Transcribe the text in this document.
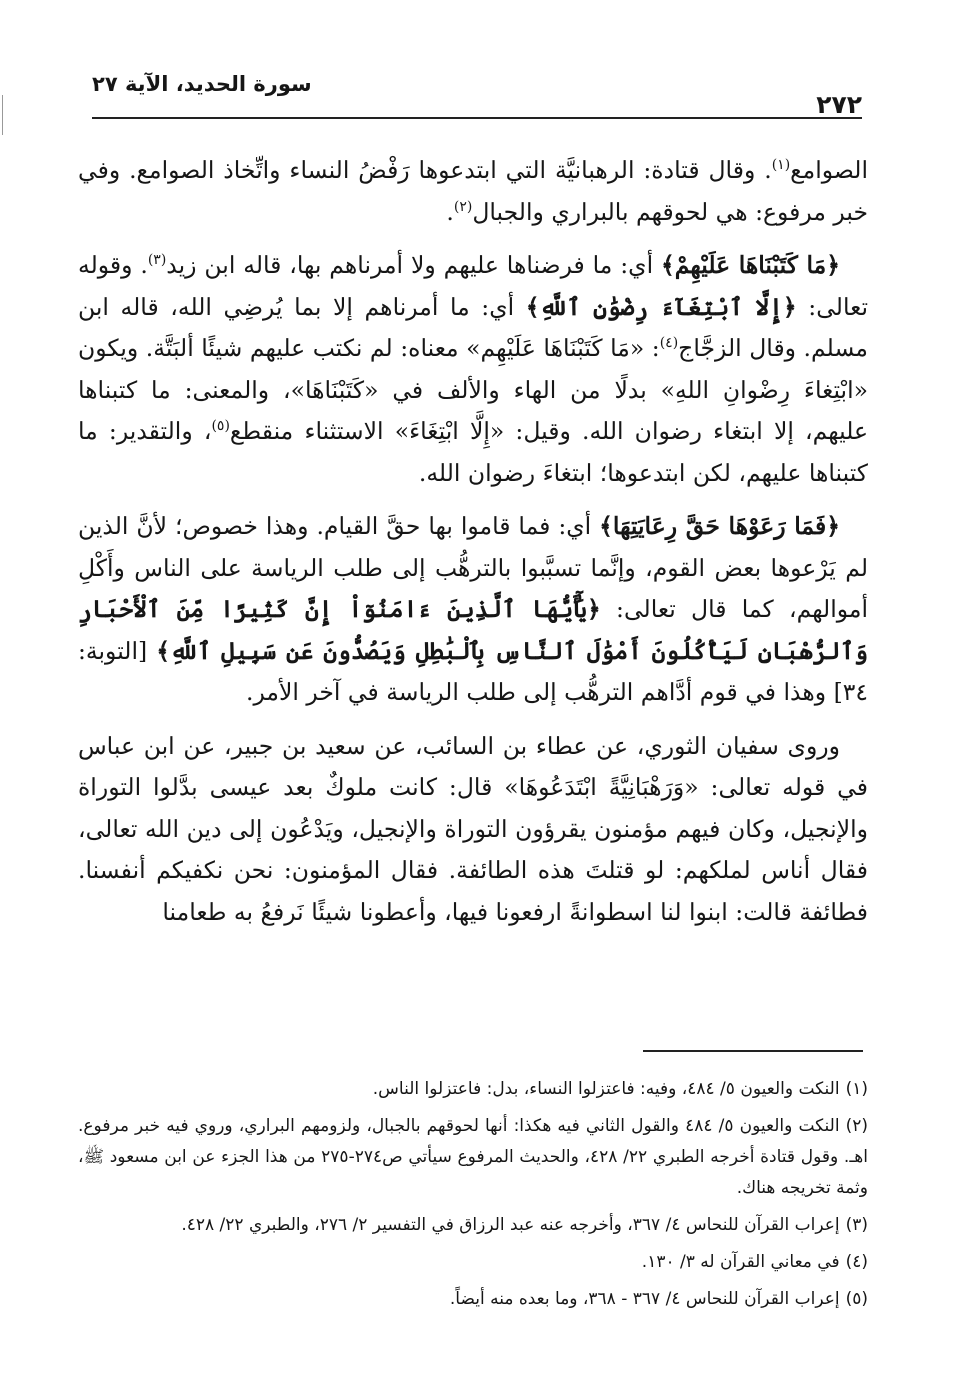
سورة الحديد، الآية ٢٧
٢٧٢

الصوامع$^{(١)}$. وقال قتادة: الرهبانيَّة التي ابتدعوها رَفْضُ النساء واتِّخاذ الصوامع. وفي خبر مرفوع: هي لحوقهم بالبراري والجبال$^{(٢)}$.

﴿مَا كَتَبْنَاهَا عَلَيْهِمْ﴾ أي: ما فرضناها عليهم ولا أمرناهم بها، قاله ابن زيد$^{(٣)}$. وقوله تعالى: ﴿إِلَّا ٱبْتِغَآءَ رِضْوَٰنِ ٱللَّهِ﴾ أي: ما أمرناهم إلا بما يُرضِي الله، قاله ابن مسلم. وقال الزجَّاج$^{(٤)}$: «مَا كَتَبْنَاهَا عَلَيْهِم» معناه: لم نكتب عليهم شيئًا ألبَتَّة. ويكون «ابْتِغاءَ رِضْوانِ اللهِ» بدلًا من الهاء والألف في «كَتَبْنَاهَا»، والمعنى: ما كتبناها عليهم، إلا ابتغاء رضوان الله. وقيل: «إِلَّا ابْتِغَاءَ» الاستثناء منقطع$^{(٥)}$، والتقدير: ما كتبناها عليهم، لكن ابتدعوها؛ ابتغاءَ رضوان الله.

﴿فَمَا رَعَوْهَا حَقَّ رِعَايَتِهَا﴾ أي: فما قاموا بها حقَّ القيام. وهذا خصوص؛ لأنَّ الذين لم يَرْعوها بعض القوم، وإنَّما تسبَّبوا بالترهُّب إلى طلب الرياسة على الناس وأَكْلِ أموالهم، كما قال تعالى: ﴿يَٰٓأَيُّهَا ٱلَّذِينَ ءَامَنُوٓاْ إِنَّ كَثِيرًا مِّنَ ٱلْأَحْبَارِ وَٱلرُّهْبَانِ لَيَأْكُلُونَ أَمْوَٰلَ ٱلنَّاسِ بِٱلْبَٰطِلِ وَيَصُدُّونَ عَن سَبِيلِ ٱللَّهِ﴾ [التوبة: ٣٤] وهذا في قوم أدَّاهم الترهُّب إلى طلب الرياسة في آخر الأمر.

وروى سفيان الثوري، عن عطاء بن السائب، عن سعيد بن جبير، عن ابن عباس في قوله تعالى: «وَرَهْبَانِيَّةً ابْتَدَعُوهَا» قال: كانت ملوكٌ بعد عيسى بدَّلوا التوراة والإنجيل، وكان فيهم مؤمنون يقرؤون التوراة والإنجيل، ويَدْعُون إلى دين الله تعالى، فقال أناس لملكهم: لو قتلتَ هذه الطائفة. فقال المؤمنون: نحن نكفيكم أنفسنا. فطائفة قالت: ابنوا لنا اسطوانةً ارفعونا فيها، وأعطونا شيئًا نَرفعُ به طعامنا

(١)النكت والعيون ٥/ ٤٨٤، وفيه: فاعتزلوا النساء، بدل: فاعتزلوا الناس.
(٢)النكت والعيون ٥/ ٤٨٤ والقول الثاني فيه هكذا: أنها لحوقهم بالجبال، ولزومهم البراري، وروي فيه خبر مرفوع. اهـ. وقول قتادة أخرجه الطبري ٢٢/ ٤٢٨، والحديث المرفوع سيأتي ص٢٧٤-٢٧٥ من هذا الجزء عن ابن مسعود ﷺ، وثمة تخريجه هناك.
(٣)إعراب القرآن للنحاس ٤/ ٣٦٧، وأخرجه عنه عبد الرزاق في التفسير ٢/ ٢٧٦، والطبري ٢٢/ ٤٢٨.
(٤)في معاني القرآن له ٣/ ١٣٠.
(٥)إعراب القرآن للنحاس ٤/ ٣٦٧ - ٣٦٨، وما بعده منه أيضاً.
